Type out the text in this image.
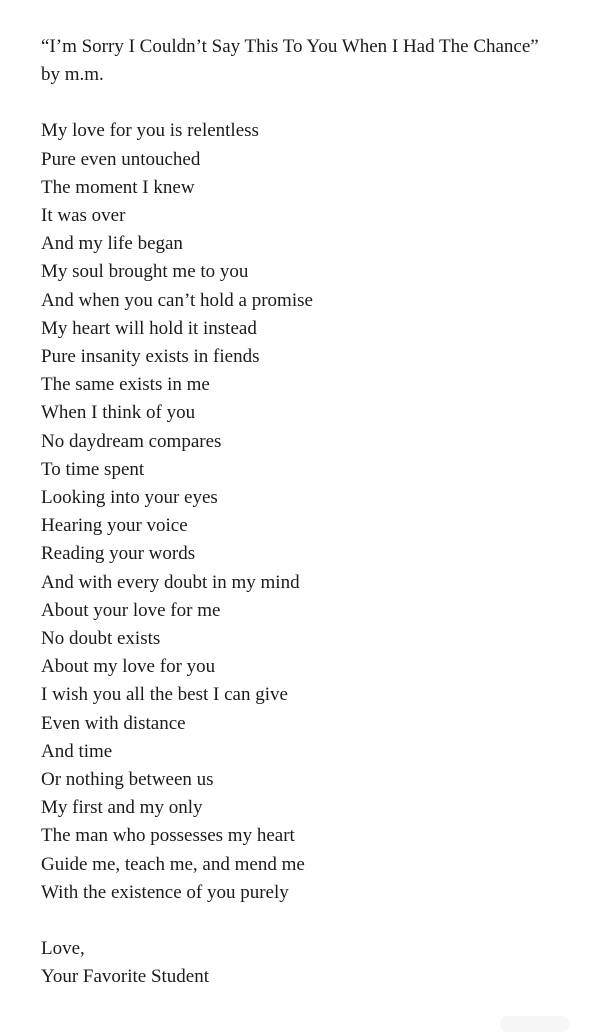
“I’m Sorry I Couldn’t Say This To You When I Had The Chance” by m.m.

My love for you is relentless
Pure even untouched
The moment I knew
It was over
And my life began
My soul brought me to you
And when you can’t hold a promise
My heart will hold it instead
Pure insanity exists in fiends
The same exists in me
When I think of you
No daydream compares
To time spent
Looking into your eyes
Hearing your voice
Reading your words
And with every doubt in my mind
About your love for me
No doubt exists
About my love for you
I wish you all the best I can give
Even with distance
And time
Or nothing between us
My first and my only
The man who possesses my heart
Guide me, teach me, and mend me
With the existence of you purely
Love,
Your Favorite Student
